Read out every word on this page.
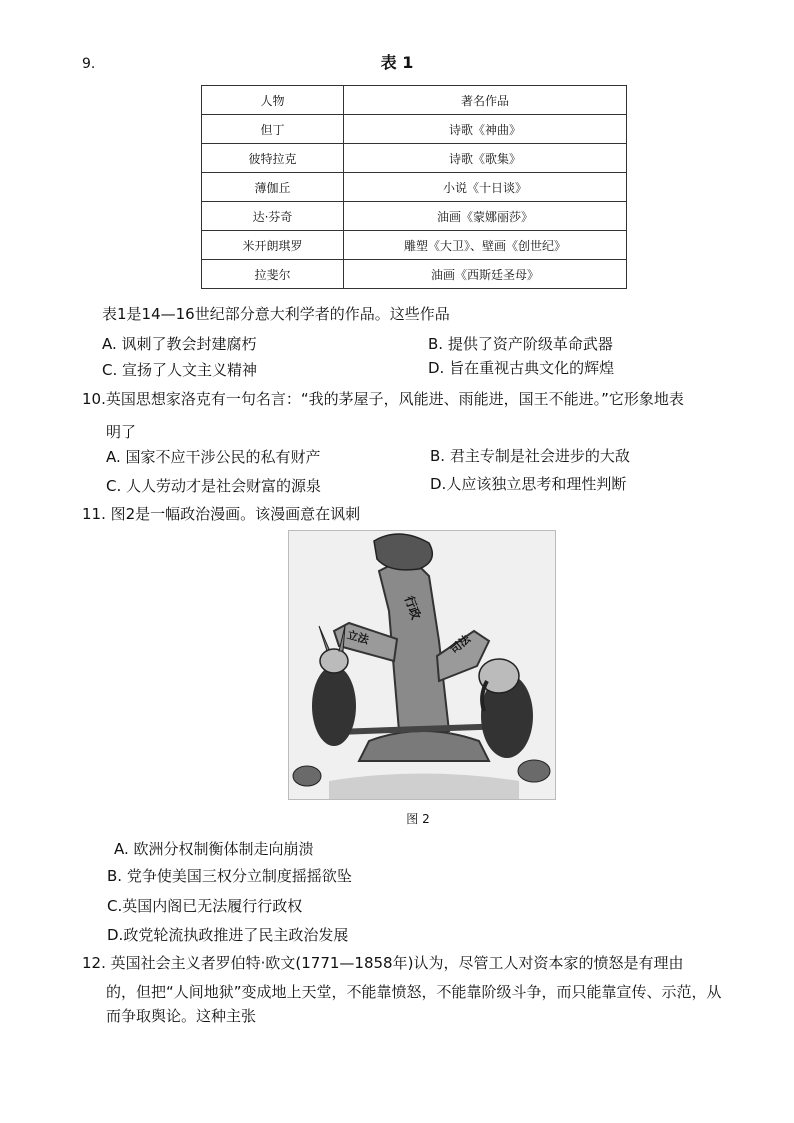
9.	表 1
人物	著名作品
但丁	诗歌《神曲》
彼特拉克	诗歌《歌集》
薄伽丘	小说《十日谈》
达·芬奇	油画《蒙娜丽莎》
米开朗琪罗	雕塑《大卫》、壁画《创世纪》
拉斐尔	油画《西斯廷圣母》
表1是14—16世纪部分意大利学者的作品。这些作品
A. 讽刺了教会封建腐朽	B. 提供了资产阶级革命武器
C. 宣扬了人文主义精神	D. 旨在重视古典文化的辉煌
10.英国思想家洛克有一句名言：“我的茅屋子，风能进、雨能进，国王不能进。”它形象地表
明了
A. 国家不应干涉公民的私有财产	B. 君主专制是社会进步的大敌
C. 人人劳动才是社会财富的源泉	D.人应该独立思考和理性判断
11. 图2是一幅政治漫画。该漫画意在讽刺
行政
立法	司法
图 2
A. 欧洲分权制衡体制走向崩溃
B. 党争使美国三权分立制度摇摇欲坠
C.英国内阁已无法履行行政权
D.政党轮流执政推进了民主政治发展
12. 英国社会主义者罗伯特·欧文(1771—1858年)认为，尽管工人对资本家的愤怒是有理由
的，但把“人间地狱”变成地上天堂，不能靠愤怒，不能靠阶级斗争，而只能靠宣传、示范，从
而争取舆论。这种主张
